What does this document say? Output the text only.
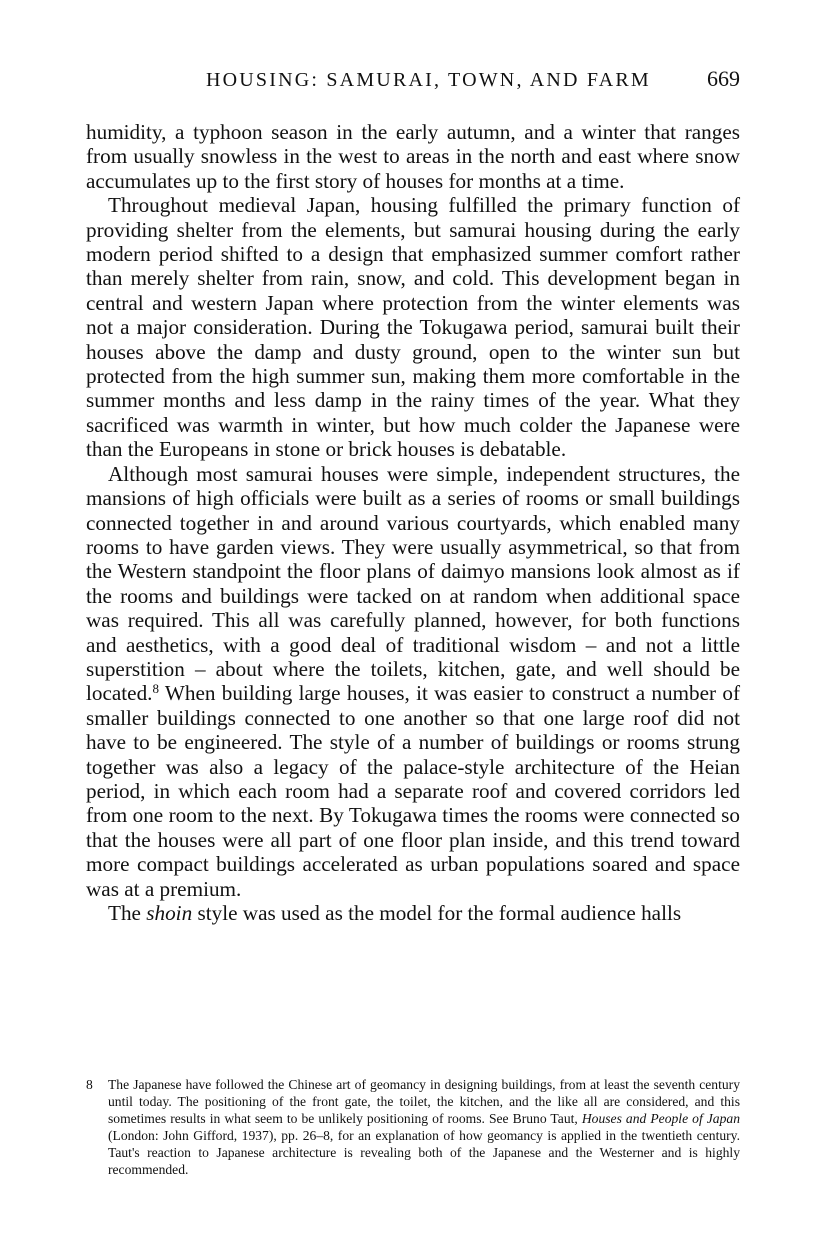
HOUSING: SAMURAI, TOWN, AND FARM	669

humidity, a typhoon season in the early autumn, and a winter that ranges from usually snowless in the west to areas in the north and east where snow accumulates up to the first story of houses for months at a time.

Throughout medieval Japan, housing fulfilled the primary function of providing shelter from the elements, but samurai housing during the early modern period shifted to a design that emphasized summer comfort rather than merely shelter from rain, snow, and cold. This development began in central and western Japan where protection from the winter elements was not a major consideration. During the Tokugawa period, samurai built their houses above the damp and dusty ground, open to the winter sun but protected from the high summer sun, making them more comfortable in the summer months and less damp in the rainy times of the year. What they sacrificed was warmth in winter, but how much colder the Japanese were than the Europeans in stone or brick houses is debatable.

Although most samurai houses were simple, independent structures, the mansions of high officials were built as a series of rooms or small buildings connected together in and around various courtyards, which enabled many rooms to have garden views. They were usually asymmetrical, so that from the Western standpoint the floor plans of daimyo mansions look almost as if the rooms and buildings were tacked on at random when additional space was required. This all was carefully planned, however, for both functions and aesthetics, with a good deal of traditional wisdom – and not a little superstition – about where the toilets, kitchen, gate, and well should be located.$^8$ When building large houses, it was easier to construct a number of smaller buildings connected to one another so that one large roof did not have to be engineered. The style of a number of buildings or rooms strung together was also a legacy of the palace-style architecture of the Heian period, in which each room had a separate roof and covered corridors led from one room to the next. By Tokugawa times the rooms were connected so that the houses were all part of one floor plan inside, and this trend toward more compact buildings accelerated as urban populations soared and space was at a premium.

The shoin style was used as the model for the formal audience halls

8	The Japanese have followed the Chinese art of geomancy in designing buildings, from at least the seventh century until today. The positioning of the front gate, the toilet, the kitchen, and the like all are considered, and this sometimes results in what seem to be unlikely positioning of rooms. See Bruno Taut, Houses and People of Japan (London: John Gifford, 1937), pp. 26–8, for an explanation of how geomancy is applied in the twentieth century. Taut's reaction to Japanese architecture is revealing both of the Japanese and the Westerner and is highly recommended.
